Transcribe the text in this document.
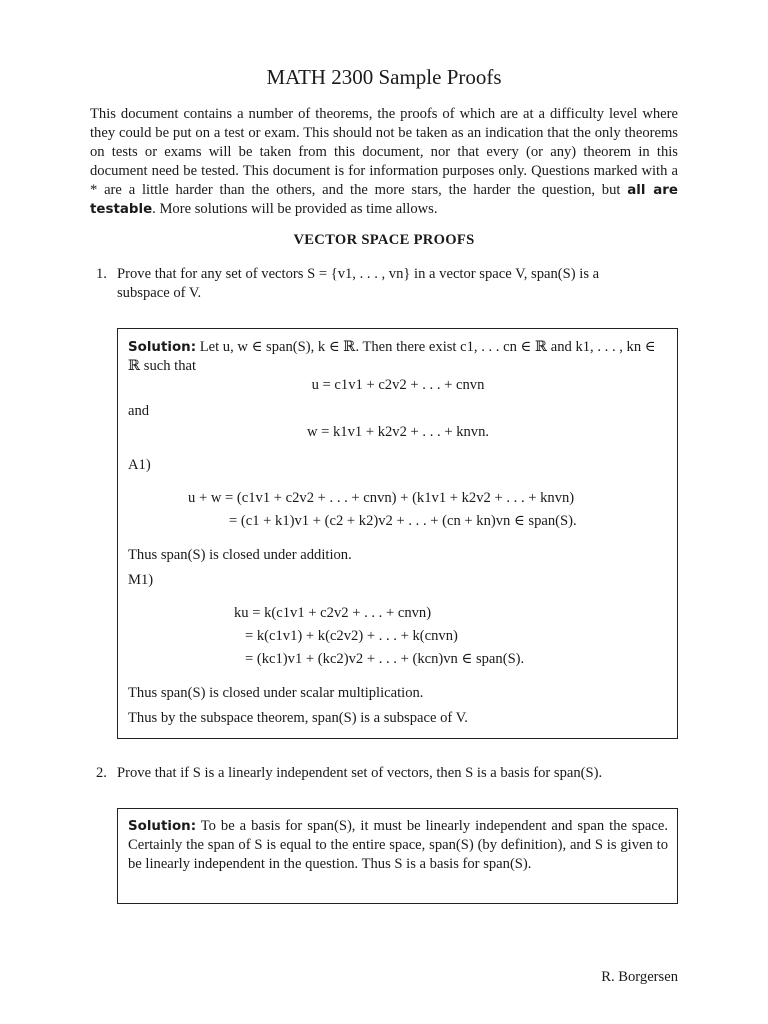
MATH 2300 Sample Proofs
This document contains a number of theorems, the proofs of which are at a difficulty level where they could be put on a test or exam. This should not be taken as an indication that the only theorems on tests or exams will be taken from this document, nor that every (or any) theorem in this document need be tested. This document is for information purposes only. Questions marked with a * are a little harder than the others, and the more stars, the harder the question, but all are testable. More solutions will be provided as time allows.
VECTOR SPACE PROOFS
1. Prove that for any set of vectors S = {v1, . . . , vn} in a vector space V, span(S) is a
subspace of V.
Solution: Let u, w ∈ span(S), k ∈ ℝ. Then there exist c1, . . . cn ∈ ℝ and k1, . . . , kn ∈
ℝ such that
u = c1v1 + c2v2 + . . . + cnvn
and
w = k1v1 + k2v2 + . . . + knvn.
A1)
u + w = (c1v1 + c2v2 + . . . + cnvn) + (k1v1 + k2v2 + . . . + knvn)
= (c1 + k1)v1 + (c2 + k2)v2 + . . . + (cn + kn)vn ∈ span(S).
Thus span(S) is closed under addition.
M1)
ku = k(c1v1 + c2v2 + . . . + cnvn)
= k(c1v1) + k(c2v2) + . . . + k(cnvn)
= (kc1)v1 + (kc2)v2 + . . . + (kcn)vn ∈ span(S).
Thus span(S) is closed under scalar multiplication.
Thus by the subspace theorem, span(S) is a subspace of V.
2. Prove that if S is a linearly independent set of vectors, then S is a basis for span(S).
Solution: To be a basis for span(S), it must be linearly independent and span the space. Certainly the span of S is equal to the entire space, span(S) (by definition), and S is given to be linearly independent in the question. Thus S is a basis for span(S).
R. Borgersen
